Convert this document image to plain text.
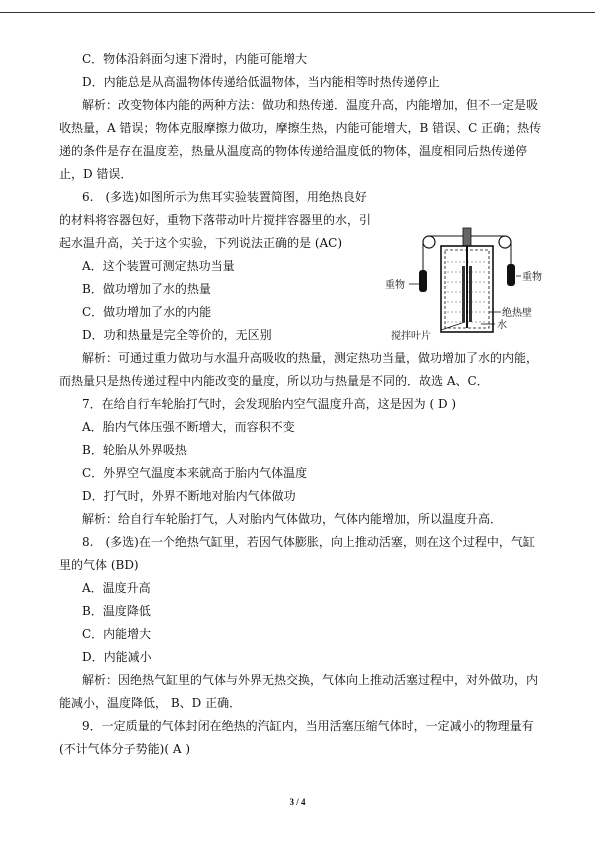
C．物体沿斜面匀速下滑时，内能可能增大
D．内能总是从高温物体传递给低温物体，当内能相等时热传递停止
解析：改变物体内能的两种方法：做功和热传递．温度升高，内能增加，但不一定是吸
收热量，A 错误；物体克服摩擦力做功，摩擦生热，内能可能增大，B 错误、C 正确；热传
递的条件是存在温度差，热量从温度高的物体传递给温度低的物体，温度相同后热传递停
止，D 错误．
6.　(多选)如图所示为焦耳实验装置简图，用绝热良好
的材料将容器包好，重物下落带动叶片搅拌容器里的水，引
起水温升高，关于这个实验，下列说法正确的是 (AC)
A．这个装置可测定热功当量
B．做功增加了水的热量
C．做功增加了水的内能
D．功和热量是完全等价的，无区别
解析：可通过重力做功与水温升高吸收的热量，测定热功当量，做功增加了水的内能，
而热量只是热传递过程中内能改变的量度，所以功与热量是不同的．故选 A、C．
7．在给自行车轮胎打气时，会发现胎内空气温度升高，这是因为 ( D )
A．胎内气体压强不断增大，而容积不变
B．轮胎从外界吸热
C．外界空气温度本来就高于胎内气体温度
D．打气时，外界不断地对胎内气体做功
解析：给自行车轮胎打气，人对胎内气体做功，气体内能增加，所以温度升高．
8.　(多选)在一个绝热气缸里，若因气体膨胀，向上推动活塞，则在这个过程中，气缸
里的气体 (BD)
A．温度升高
B．温度降低
C．内能增大
D．内能减小
解析：因绝热气缸里的气体与外界无热交换，气体向上推动活塞过程中，对外做功，内
能减小，温度降低， B、D 正确．
9．一定质量的气体封闭在绝热的汽缸内，当用活塞压缩气体时，一定减小的物理量有
(不计气体分子势能)( A )
重物
重物
绝热壁
水
搅拌叶片
3 / 4
